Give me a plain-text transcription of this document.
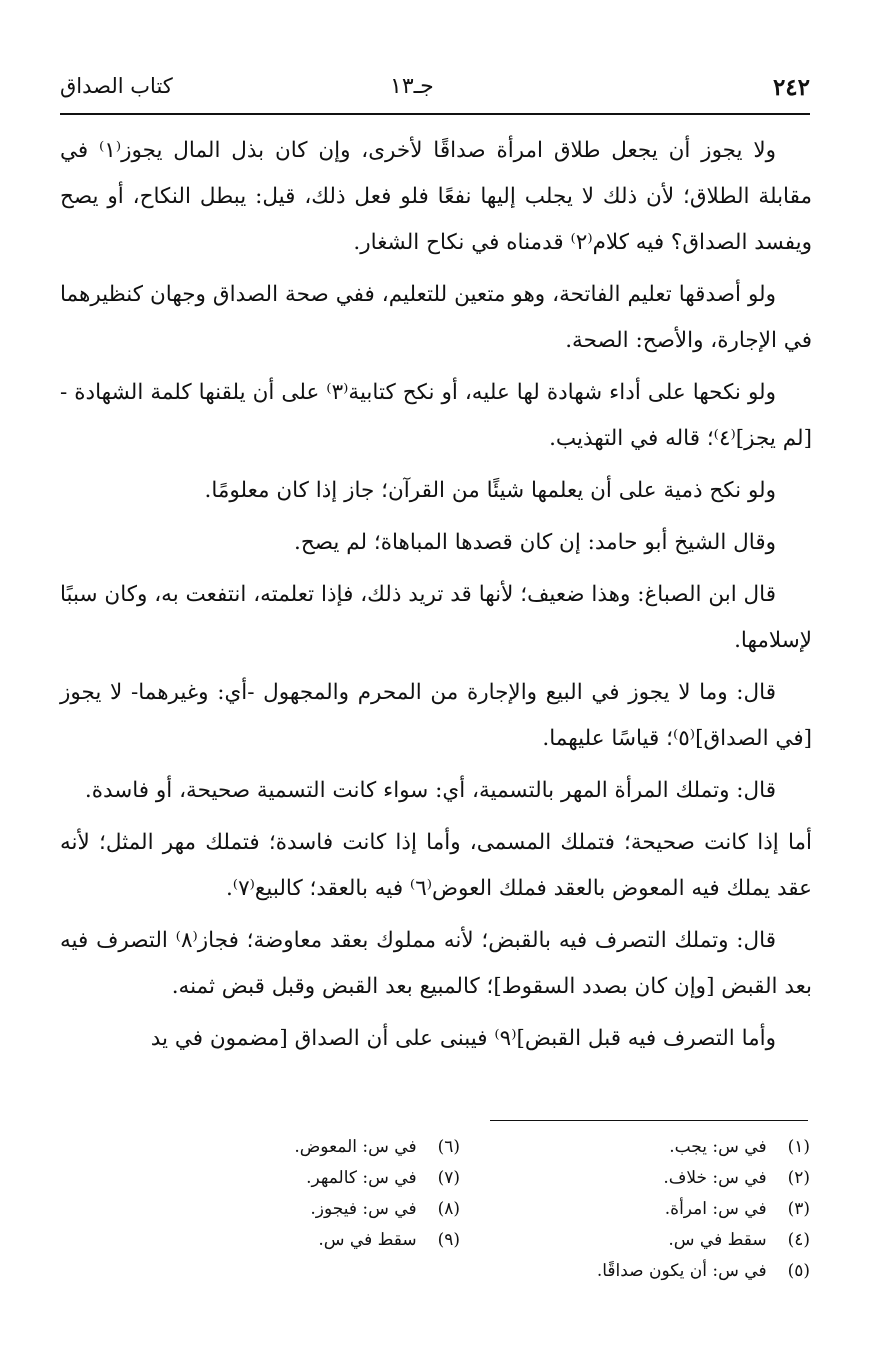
٢٤٢
جـ١٣
كتاب الصداق

ولا يجوز أن يجعل طلاق امرأة صداقًا لأخرى، وإن كان بذل المال يجوز⁽١⁾ في مقابلة الطلاق؛ لأن ذلك لا يجلب إليها نفعًا فلو فعل ذلك، قيل: يبطل النكاح، أو يصح ويفسد الصداق؟ فيه كلام⁽٢⁾ قدمناه في نكاح الشغار.

ولو أصدقها تعليم الفاتحة، وهو متعين للتعليم، ففي صحة الصداق وجهان كنظيرهما في الإجارة، والأصح: الصحة.

ولو نكحها على أداء شهادة لها عليه، أو نكح كتابية⁽٣⁾ على أن يلقنها كلمة الشهادة - [لم يجز]⁽٤⁾؛ قاله في التهذيب.

ولو نكح ذمية على أن يعلمها شيئًا من القرآن؛ جاز إذا كان معلومًا.

وقال الشيخ أبو حامد: إن كان قصدها المباهاة؛ لم يصح.

قال ابن الصباغ: وهذا ضعيف؛ لأنها قد تريد ذلك، فإذا تعلمته، انتفعت به، وكان سببًا لإسلامها.

قال: وما لا يجوز في البيع والإجارة من المحرم والمجهول -أي: وغيرهما- لا يجوز [في الصداق]⁽٥⁾؛ قياسًا عليهما.

قال: وتملك المرأة المهر بالتسمية، أي: سواء كانت التسمية صحيحة، أو فاسدة.

أما إذا كانت صحيحة؛ فتملك المسمى، وأما إذا كانت فاسدة؛ فتملك مهر المثل؛ لأنه عقد يملك فيه المعوض بالعقد فملك العوض⁽٦⁾ فيه بالعقد؛ كالبيع⁽٧⁾.

قال: وتملك التصرف فيه بالقبض؛ لأنه مملوك بعقد معاوضة؛ فجاز⁽٨⁾ التصرف فيه بعد القبض [وإن كان بصدد السقوط]؛ كالمبيع بعد القبض وقبل قبض ثمنه.

وأما التصرف فيه قبل القبض]⁽٩⁾ فيبنى على أن الصداق [مضمون في يد

(١) في س: يجب.
(٢) في س: خلاف.
(٣) في س: امرأة.
(٤) سقط في س.
(٥) في س: أن يكون صداقًا.
(٦) في س: المعوض.
(٧) في س: كالمهر.
(٨) في س: فيجوز.
(٩) سقط في س.
